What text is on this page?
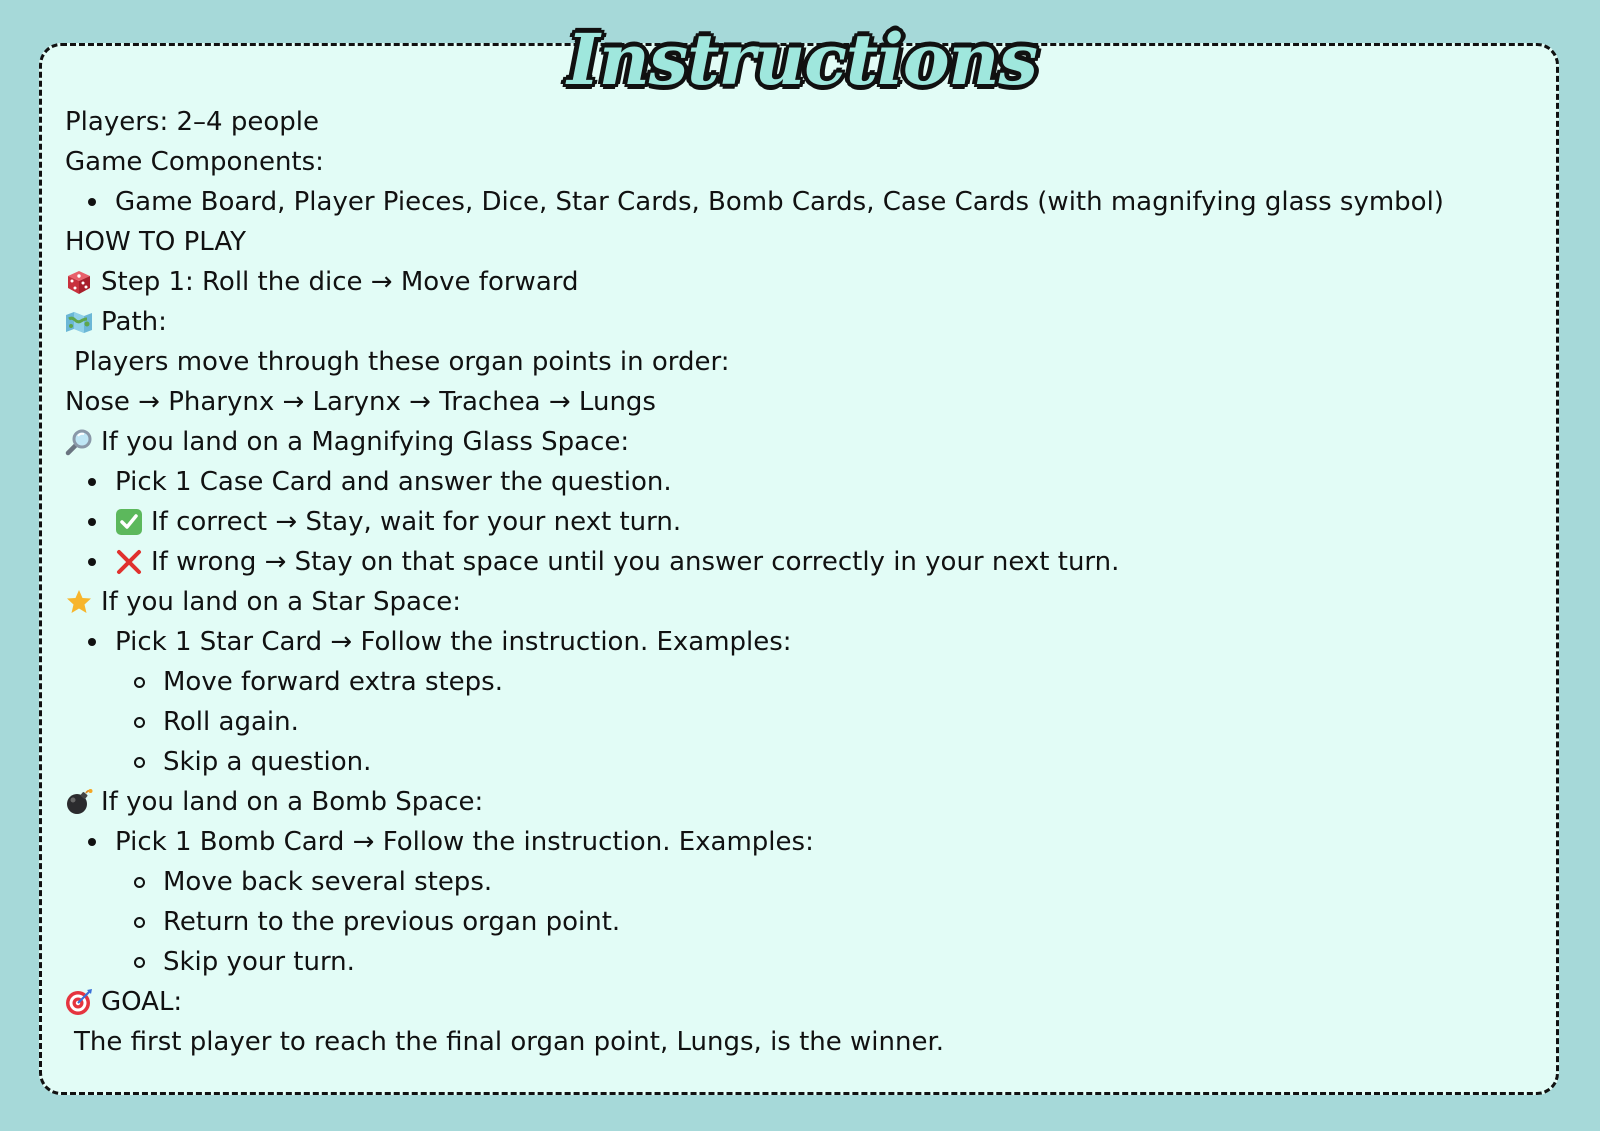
Instructions
Players: 2–4 people
Game Components:
Game Board, Player Pieces, Dice, Star Cards, Bomb Cards, Case Cards (with magnifying glass symbol)
HOW TO PLAY
Step 1: Roll the dice → Move forward
Path:
Players move through these organ points in order:
Nose → Pharynx → Larynx → Trachea → Lungs
If you land on a Magnifying Glass Space:
Pick 1 Case Card and answer the question.
If correct → Stay, wait for your next turn.
If wrong → Stay on that space until you answer correctly in your next turn.
If you land on a Star Space:
Pick 1 Star Card → Follow the instruction. Examples:
Move forward extra steps.
Roll again.
Skip a question.
If you land on a Bomb Space:
Pick 1 Bomb Card → Follow the instruction. Examples:
Move back several steps.
Return to the previous organ point.
Skip your turn.
GOAL:
The first player to reach the final organ point, Lungs, is the winner.
